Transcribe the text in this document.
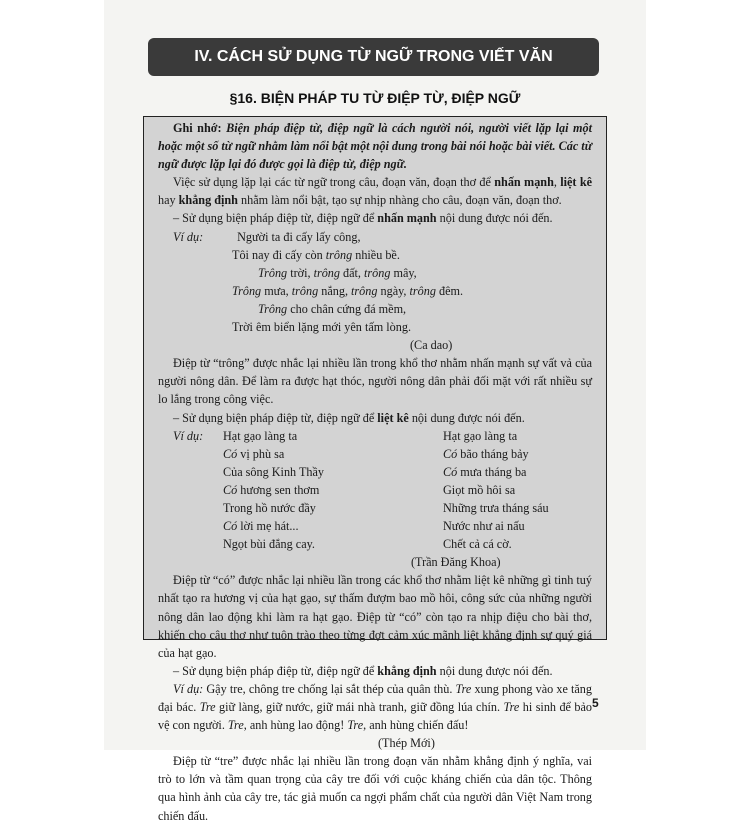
IV. CÁCH SỬ DỤNG TỪ NGỮ TRONG VIẾT VĂN
§16. BIỆN PHÁP TU TỪ ĐIỆP TỪ, ĐIỆP NGỮ

Ghi nhớ: Biện pháp điệp từ, điệp ngữ là cách người nói, người viết lặp lại một hoặc một số từ ngữ nhằm làm nổi bật một nội dung trong bài nói hoặc bài viết. Các từ ngữ được lặp lại đó được gọi là điệp từ, điệp ngữ.

Việc sử dụng lặp lại các từ ngữ trong câu, đoạn văn, đoạn thơ để nhấn mạnh, liệt kê hay khẳng định nhằm làm nổi bật, tạo sự nhịp nhàng cho câu, đoạn văn, đoạn thơ.

– Sử dụng biện pháp điệp từ, điệp ngữ để nhấn mạnh nội dung được nói đến.

Ví dụ:	Người ta đi cấy lấy công,

Tôi nay đi cấy còn trông nhiều bề.

Trông trời, trông đất, trông mây,

Trông mưa, trông nắng, trông ngày, trông đêm.

Trông cho chân cứng đá mềm,

Trời êm biển lặng mới yên tấm lòng.

(Ca dao)

Điệp từ “trông” được nhắc lại nhiều lần trong khổ thơ nhằm nhấn mạnh sự vất vả của người nông dân. Để làm ra được hạt thóc, người nông dân phải đối mặt với rất nhiều sự lo lắng trong công việc.

– Sử dụng biện pháp điệp từ, điệp ngữ để liệt kê nội dung được nói đến.

Ví dụ: Hạt gạo làng ta

Có vị phù sa

Của sông Kinh Thầy

Có hương sen thơm

Trong hồ nước đầy

Có lời mẹ hát...

Ngọt bùi đắng cay.

Hạt gạo làng ta

Có bão tháng bảy

Có mưa tháng ba

Giọt mồ hôi sa

Những trưa tháng sáu

Nước như ai nấu

Chết cả cá cờ.

(Trần Đăng Khoa)

Điệp từ “có” được nhắc lại nhiều lần trong các khổ thơ nhằm liệt kê những gì tinh tuý nhất tạo ra hương vị của hạt gạo, sự thấm đượm bao mồ hôi, công sức của những người nông dân lao động khi làm ra hạt gạo. Điệp từ “có” còn tạo ra nhịp điệu cho bài thơ, khiến cho câu thơ như tuôn trào theo từng đợt cảm xúc mãnh liệt khẳng định sự quý giá của hạt gạo.

– Sử dụng biện pháp điệp từ, điệp ngữ để khẳng định nội dung được nói đến.

Ví dụ: Gậy tre, chông tre chống lại sắt thép của quân thù. Tre xung phong vào xe tăng đại bác. Tre giữ làng, giữ nước, giữ mái nhà tranh, giữ đồng lúa chín. Tre hi sinh để bảo vệ con người. Tre, anh hùng lao động! Tre, anh hùng chiến đấu!

(Thép Mới)

Điệp từ “tre” được nhắc lại nhiều lần trong đoạn văn nhằm khẳng định ý nghĩa, vai trò to lớn và tầm quan trọng của cây tre đối với cuộc kháng chiến của dân tộc. Thông qua hình ảnh của cây tre, tác giả muốn ca ngợi phẩm chất của người dân Việt Nam trong chiến đấu.

5
